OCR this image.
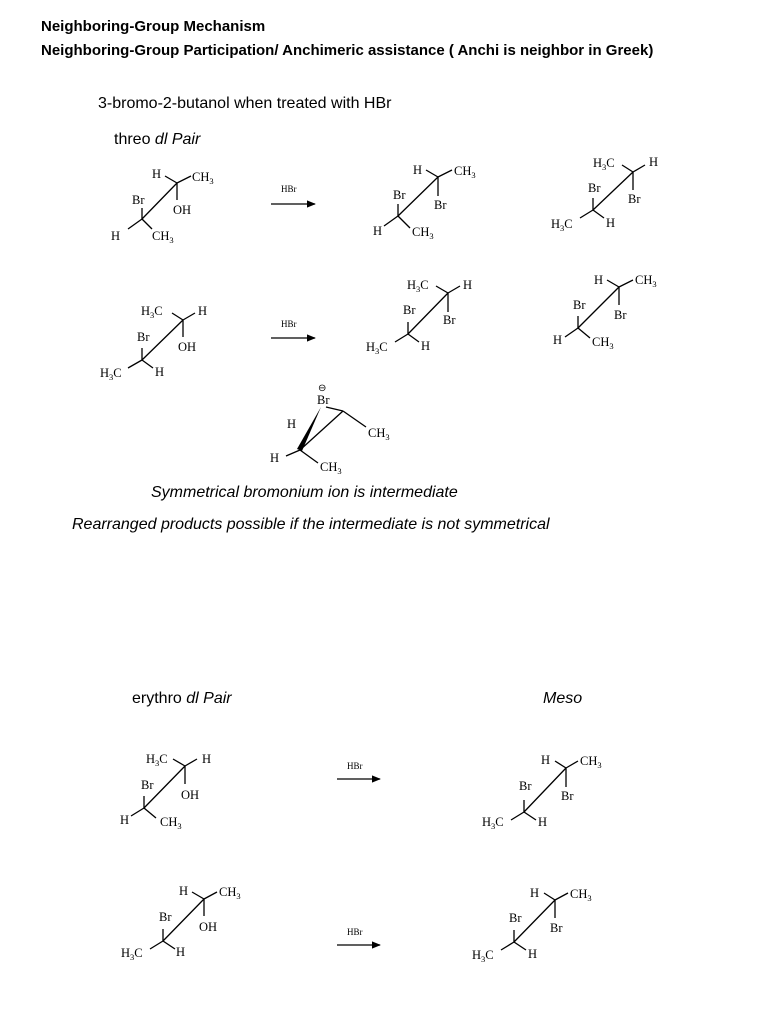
Neighboring-Group Mechanism
Neighboring-Group Participation/ Anchimeric assistance ( Anchi is neighbor in Greek)
3-bromo-2-butanol when treated with HBr
threo dl Pair
Symmetrical bromonium ion is intermediate
Rearranged products possible if the intermediate is not symmetrical
erythro dl Pair	Meso
H $CH_3$
Br
OH
H	$CH_3$
HBr
H	$CH_3$
Br
Br
H $CH_3$
$H_3C$	H
Br
Br
$H_3C$	H
$H_3C$	H
Br
OH
$H_3C$	H
HBr
$H_3C$	H
Br
Br
$H_3C$	H
H	$CH_3$
Br
Br
H $CH_3$
⊖
Br
H
$CH_3$
H
$CH_3$
$H_3C$	H
Br
OH
H $CH_3$
HBr	H $CH_3$
Br
Br
$H_3C$	H
H $CH_3$
Br
OH
$H_3C$	H
HBr
H $CH_3$
Br
Br
$H_3C$	H
